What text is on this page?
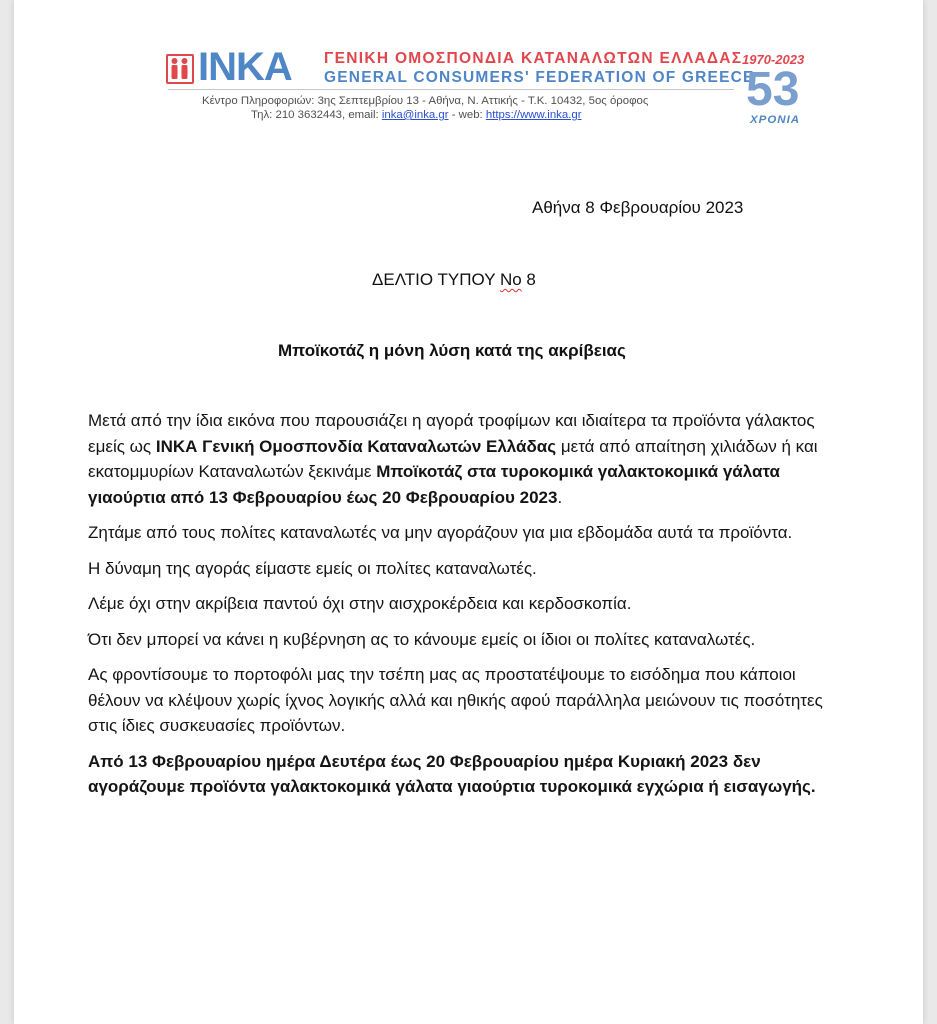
INKA ΓΕΝΙΚΗ ΟΜΟΣΠΟΝΔΙΑ ΚΑΤΑΝΑΛΩΤΩΝ ΕΛΛΑΔΑΣ
GENERAL CONSUMERS' FEDERATION OF GREECE
Κέντρο Πληροφοριών: 3ης Σεπτεμβρίου 13 - Αθήνα, Ν. Αττικής - Τ.Κ. 10432, 5ος όροφος
Τηλ: 210 3632443, email: inka@inka.gr - web: https://www.inka.gr
1970-2023
53
ΧΡΟΝΙΑ
Αθήνα 8 Φεβρουαρίου 2023
ΔΕΛΤΙΟ ΤΥΠΟΥ Νο 8
Μποϊκοτάζ η μόνη λύση κατά της ακρίβειας

Μετά από την ίδια εικόνα που παρουσιάζει η αγορά τροφίμων και ιδιαίτερα τα προϊόντα γάλακτος εμείς ως ΙΝΚΑ Γενική Ομοσπονδία Καταναλωτών Ελλάδας μετά από απαίτηση χιλιάδων ή και εκατομμυρίων Καταναλωτών ξεκινάμε Μποϊκοτάζ στα τυροκομικά γαλακτοκομικά γάλατα γιαούρτια από 13 Φεβρουαρίου έως 20 Φεβρουαρίου 2023.

Ζητάμε από τους πολίτες καταναλωτές να μην αγοράζουν για μια εβδομάδα αυτά τα προϊόντα.

Η δύναμη της αγοράς είμαστε εμείς οι πολίτες καταναλωτές.

Λέμε όχι στην ακρίβεια παντού όχι στην αισχροκέρδεια και κερδοσκοπία.

Ότι δεν μπορεί να κάνει η κυβέρνηση ας το κάνουμε εμείς οι ίδιοι οι πολίτες καταναλωτές.

Ας φροντίσουμε το πορτοφόλι μας την τσέπη μας ας προστατέψουμε το εισόδημα που κάποιοι θέλουν να κλέψουν χωρίς ίχνος λογικής αλλά και ηθικής αφού παράλληλα μειώνουν τις ποσότητες στις ίδιες συσκευασίες προϊόντων.

Από 13 Φεβρουαρίου ημέρα Δευτέρα έως 20 Φεβρουαρίου ημέρα Κυριακή 2023 δεν αγοράζουμε προϊόντα γαλακτοκομικά γάλατα γιαούρτια τυροκομικά εγχώρια ή εισαγωγής.
